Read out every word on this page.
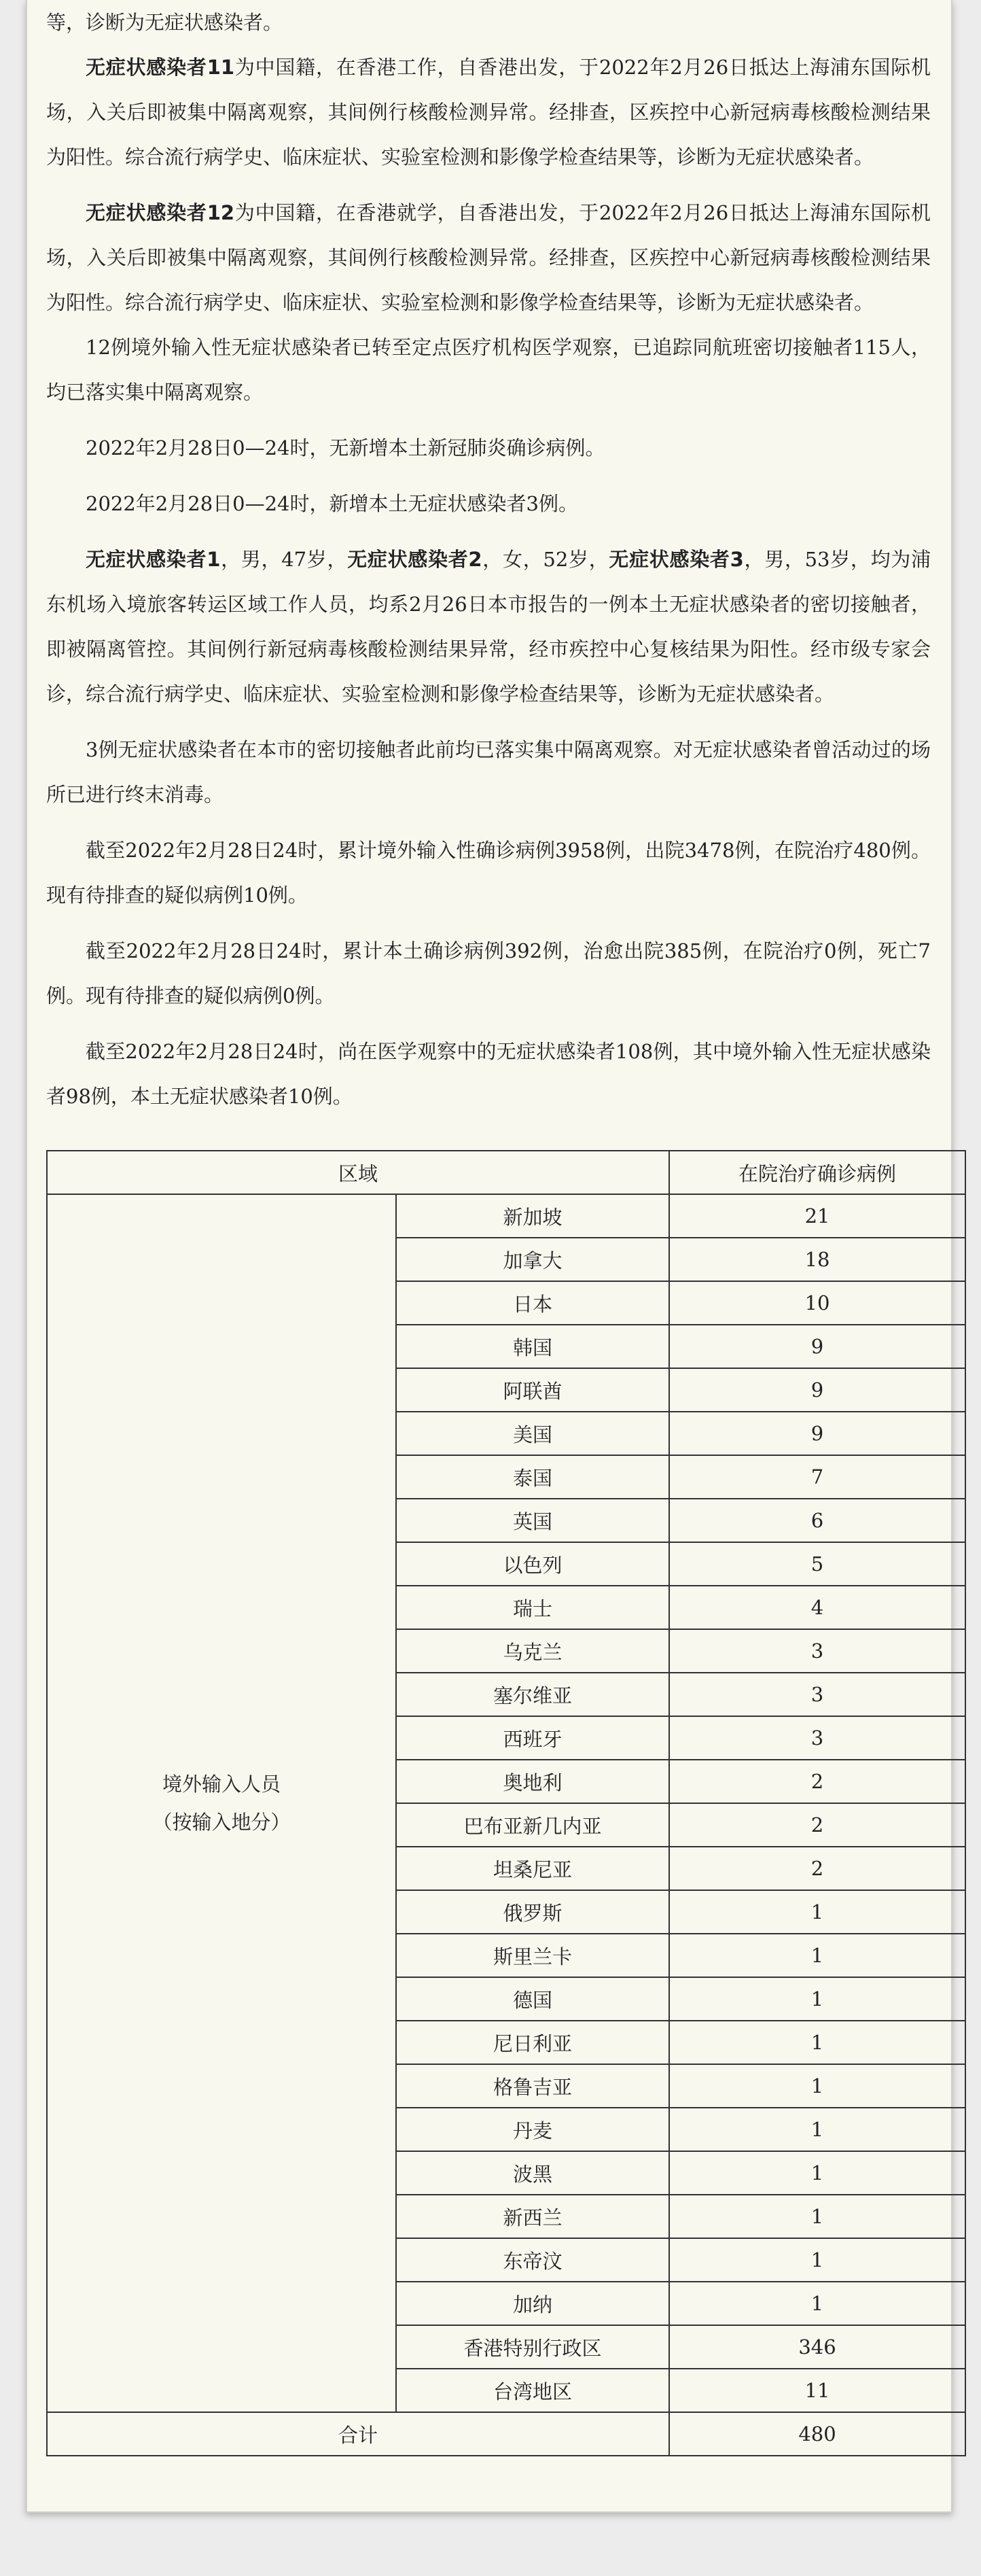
等，诊断为无症状感染者。

无症状感染者11为中国籍，在香港工作，自香港出发，于2022年2月26日抵达上海浦东国际机场，入关后即被集中隔离观察，其间例行核酸检测异常。经排查，区疾控中心新冠病毒核酸检测结果为阳性。综合流行病学史、临床症状、实验室检测和影像学检查结果等，诊断为无症状感染者。

无症状感染者12为中国籍，在香港就学，自香港出发，于2022年2月26日抵达上海浦东国际机场，入关后即被集中隔离观察，其间例行核酸检测异常。经排查，区疾控中心新冠病毒核酸检测结果为阳性。综合流行病学史、临床症状、实验室检测和影像学检查结果等，诊断为无症状感染者。

12例境外输入性无症状感染者已转至定点医疗机构医学观察，已追踪同航班密切接触者115人，均已落实集中隔离观察。

2022年2月28日0—24时，无新增本土新冠肺炎确诊病例。

2022年2月28日0—24时，新增本土无症状感染者3例。

无症状感染者1，男，47岁，无症状感染者2，女，52岁，无症状感染者3，男，53岁，均为浦东机场入境旅客转运区域工作人员，均系2月26日本市报告的一例本土无症状感染者的密切接触者，即被隔离管控。其间例行新冠病毒核酸检测结果异常，经市疾控中心复核结果为阳性。经市级专家会诊，综合流行病学史、临床症状、实验室检测和影像学检查结果等，诊断为无症状感染者。

3例无症状感染者在本市的密切接触者此前均已落实集中隔离观察。对无症状感染者曾活动过的场所已进行终末消毒。

截至2022年2月28日24时，累计境外输入性确诊病例3958例，出院3478例，在院治疗480例。现有待排查的疑似病例10例。

截至2022年2月28日24时，累计本土确诊病例392例，治愈出院385例，在院治疗0例，死亡7例。现有待排查的疑似病例0例。

截至2022年2月28日24时，尚在医学观察中的无症状感染者108例，其中境外输入性无症状感染者98例，本土无症状感染者10例。

区域		在院治疗确诊病例

境外输入人员
（按输入地分）	新加坡	21
	加拿大	18
	日本	10
	韩国	9
	阿联酋	9
	美国	9
	泰国	7
	英国	6
	以色列	5
	瑞士	4
	乌克兰	3
	塞尔维亚	3
	西班牙	3
	奥地利	2
	巴布亚新几内亚	2
	坦桑尼亚	2
	俄罗斯	1
	斯里兰卡	1
	德国	1
	尼日利亚	1
	格鲁吉亚	1
	丹麦	1
	波黑	1
	新西兰	1
	东帝汶	1
	加纳	1
	香港特别行政区	346
	台湾地区	11
合计		480
